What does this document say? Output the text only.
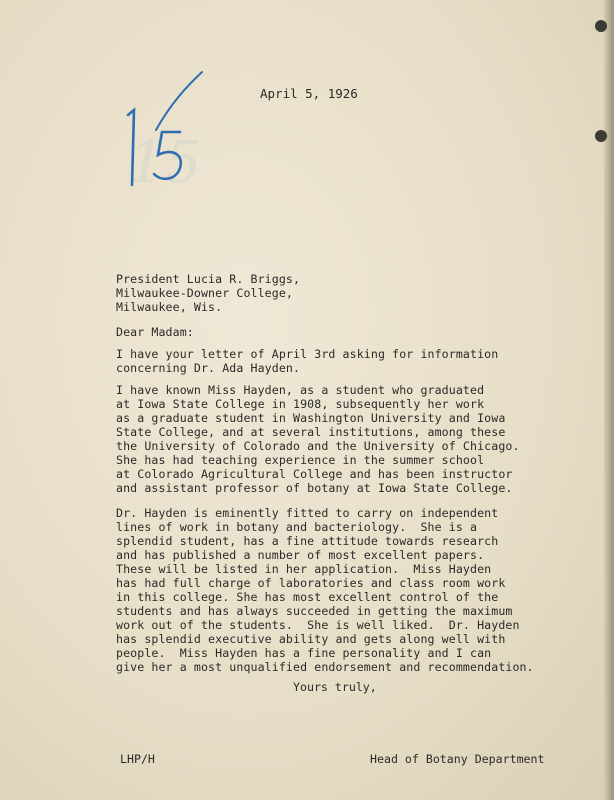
April 5, 1926
15
President Lucia R. Briggs,
Milwaukee-Downer College,
Milwaukee, Wis.
Dear Madam:
I have your letter of April 3rd asking for information
concerning Dr. Ada Hayden.
I have known Miss Hayden, as a student who graduated
at Iowa State College in 1908, subsequently her work
as a graduate student in Washington University and Iowa
State College, and at several institutions, among these
the University of Colorado and the University of Chicago.
She has had teaching experience in the summer school
at Colorado Agricultural College and has been instructor
and assistant professor of botany at Iowa State College.
Dr. Hayden is eminently fitted to carry on independent
lines of work in botany and bacteriology.  She is a
splendid student, has a fine attitude towards research
and has published a number of most excellent papers.
These will be listed in her application.  Miss Hayden
has had full charge of laboratories and class room work
in this college. She has most excellent control of the
students and has always succeeded in getting the maximum
work out of the students.  She is well liked.  Dr. Hayden
has splendid executive ability and gets along well with
people.  Miss Hayden has a fine personality and I can
give her a most unqualified endorsement and recommendation.
Yours truly,
LHP/H	Head of Botany Department
